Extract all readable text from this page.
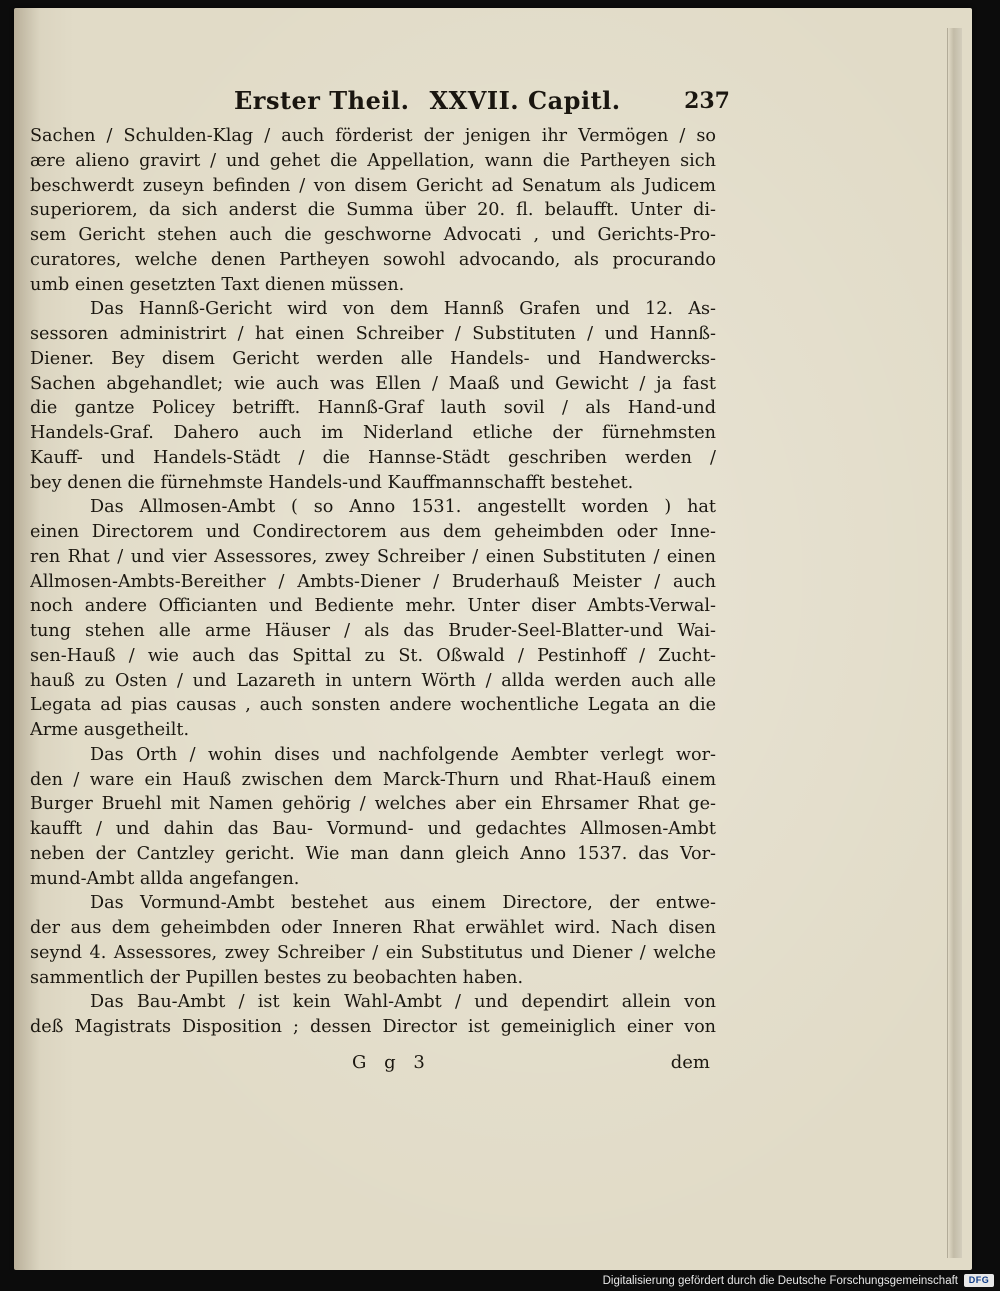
Erster Theil. XXVII. Capitl.	237
Sachen / Schulden-Klag / auch förderist der jenigen ihr Vermögen / so
ære alieno gravirt / und gehet die Appellation, wann die Partheyen sich
beschwerdt zuseyn befinden / von disem Gericht ad Senatum als Judicem
superiorem, da sich anderst die Summa über 20. fl. belaufft. Unter di-
sem Gericht stehen auch die geschworne Advocati , und Gerichts-Pro-
curatores, welche denen Partheyen sowohl advocando, als procurando
umb einen gesetzten Taxt dienen müssen.
Das Hannß-Gericht wird von dem Hannß Grafen und 12. As-
sessoren administrirt / hat einen Schreiber / Substituten / und Hannß-
Diener. Bey disem Gericht werden alle Handels- und Handwercks-
Sachen abgehandlet; wie auch was Ellen / Maaß und Gewicht / ja fast
die gantze Policey betrifft. Hannß-Graf lauth sovil / als Hand-und
Handels-Graf. Dahero auch im Niderland etliche der fürnehmsten
Kauff- und Handels-Städt / die Hannse-Städt geschriben werden /
bey denen die fürnehmste Handels-und Kauffmannschafft bestehet.
Das Allmosen-Ambt ( so Anno 1531. angestellt worden ) hat
einen Directorem und Condirectorem aus dem geheimbden oder Inne-
ren Rhat / und vier Assessores, zwey Schreiber / einen Substituten / einen
Allmosen-Ambts-Bereither / Ambts-Diener / Bruderhauß Meister / auch
noch andere Officianten und Bediente mehr. Unter diser Ambts-Verwal-
tung stehen alle arme Häuser / als das Bruder-Seel-Blatter-und Wai-
sen-Hauß / wie auch das Spittal zu St. Oßwald / Pestinhoff / Zucht-
hauß zu Osten / und Lazareth in untern Wörth / allda werden auch alle
Legata ad pias causas , auch sonsten andere wochentliche Legata an die
Arme ausgetheilt.
Das Orth / wohin dises und nachfolgende Aembter verlegt wor-
den / ware ein Hauß zwischen dem Marck-Thurn und Rhat-Hauß einem
Burger Bruehl mit Namen gehörig / welches aber ein Ehrsamer Rhat ge-
kaufft / und dahin das Bau- Vormund- und gedachtes Allmosen-Ambt
neben der Cantzley gericht. Wie man dann gleich Anno 1537. das Vor-
mund-Ambt allda angefangen.
Das Vormund-Ambt bestehet aus einem Directore, der entwe-
der aus dem geheimbden oder Inneren Rhat erwählet wird. Nach disen
seynd 4. Assessores, zwey Schreiber / ein Substitutus und Diener / welche
sammentlich der Pupillen bestes zu beobachten haben.
Das Bau-Ambt / ist kein Wahl-Ambt / und dependirt allein von
deß Magistrats Disposition ; dessen Director ist gemeiniglich einer von
G g 3	dem
Digitalisierung gefördert durch die Deutsche Forschungsgemeinschaft	DFG
